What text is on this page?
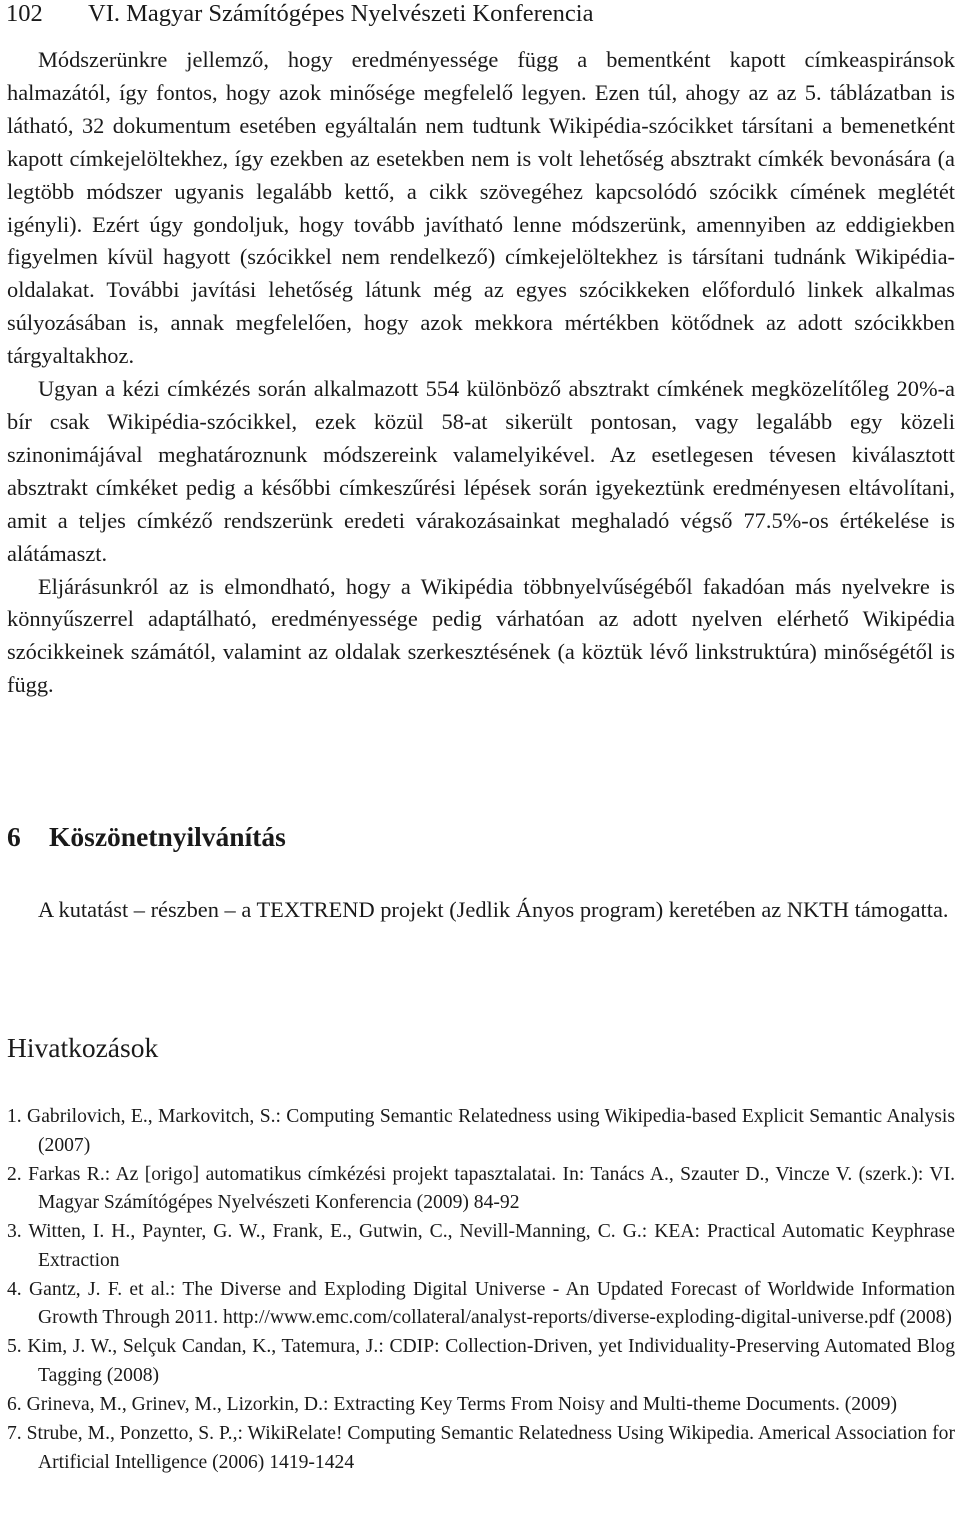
102 VI. Magyar Számítógépes Nyelvészeti Konferencia

Módszerünkre jellemző, hogy eredményessége függ a bementként kapott címkeaspiránsok halmazától, így fontos, hogy azok minősége megfelelő legyen. Ezen túl, ahogy az az 5. táblázatban is látható, 32 dokumentum esetében egyáltalán nem tudtunk Wikipédia-szócikket társítani a bemenetként kapott címkejelöltekhez, így ezekben az esetekben nem is volt lehetőség absztrakt címkék bevonására (a legtöbb módszer ugyanis legalább kettő, a cikk szövegéhez kapcsolódó szócikk címének meglétét igényli). Ezért úgy gondoljuk, hogy tovább javítható lenne módszerünk, amennyiben az eddigiekben figyelmen kívül hagyott (szócikkel nem rendelkező) címkejelöltekhez is társítani tudnánk Wikipédia-oldalakat. További javítási lehetőség látunk még az egyes szócikkeken előforduló linkek alkalmas súlyozásában is, annak megfelelően, hogy azok mekkora mértékben kötődnek az adott szócikkben tárgyaltakhoz.

Ugyan a kézi címkézés során alkalmazott 554 különböző absztrakt címkének megközelítőleg 20%-a bír csak Wikipédia-szócikkel, ezek közül 58-at sikerült pontosan, vagy legalább egy közeli szinonimájával meghatároznunk módszereink valamelyikével. Az esetlegesen tévesen kiválasztott absztrakt címkéket pedig a későbbi címkeszűrési lépések során igyekeztünk eredményesen eltávolítani, amit a teljes címkéző rendszerünk eredeti várakozásainkat meghaladó végső 77.5%-os értékelése is alátámaszt.

Eljárásunkról az is elmondható, hogy a Wikipédia többnyelvűségéből fakadóan más nyelvekre is könnyűszerrel adaptálható, eredményessége pedig várhatóan az adott nyelven elérhető Wikipédia szócikkeinek számától, valamint az oldalak szerkesztésének (a köztük lévő linkstruktúra) minőségétől is függ.

6 Köszönetnyilvánítás

A kutatást – részben – a TEXTREND projekt (Jedlik Ányos program) keretében az NKTH támogatta.

Hivatkozások
1. Gabrilovich, E., Markovitch, S.: Computing Semantic Relatedness using Wikipedia-based Explicit Semantic Analysis (2007)
2. Farkas R.: Az [origo] automatikus címkézési projekt tapasztalatai. In: Tanács A., Szauter D., Vincze V. (szerk.): VI. Magyar Számítógépes Nyelvészeti Konferencia (2009) 84-92
3. Witten, I. H., Paynter, G. W., Frank, E., Gutwin, C., Nevill-Manning, C. G.: KEA: Practical Automatic Keyphrase Extraction
4. Gantz, J. F. et al.: The Diverse and Exploding Digital Universe - An Updated Forecast of Worldwide Information Growth Through 2011. http://www.emc.com/collateral/analyst-reports/diverse-exploding-digital-universe.pdf (2008)
5. Kim, J. W., Selçuk Candan, K., Tatemura, J.: CDIP: Collection-Driven, yet Individuality-Preserving Automated Blog Tagging (2008)
6. Grineva, M., Grinev, M., Lizorkin, D.: Extracting Key Terms From Noisy and Multi-theme Documents. (2009)
7. Strube, M., Ponzetto, S. P.,: WikiRelate! Computing Semantic Relatedness Using Wikipedia. Americal Association for Artificial Intelligence (2006) 1419-1424
